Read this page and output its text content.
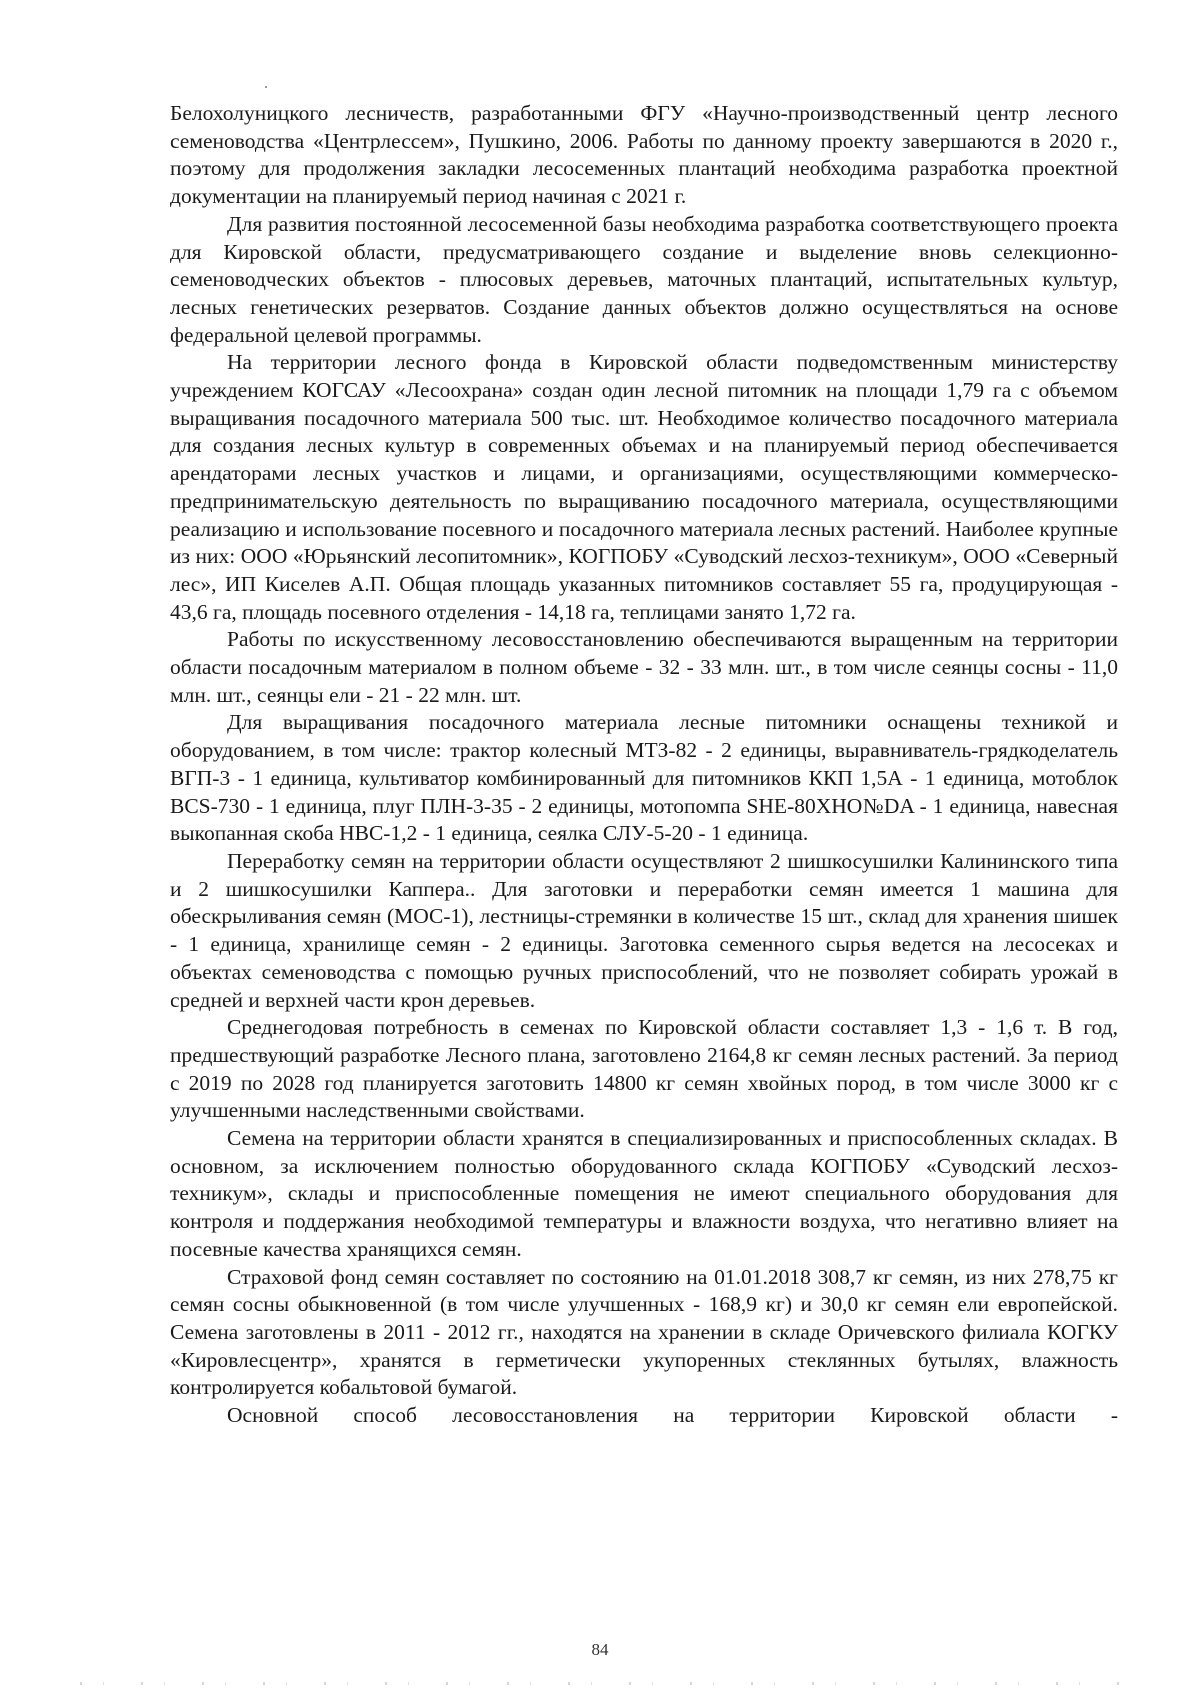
Белохолуницкого лесничеств, разработанными ФГУ «Научно-производственный центр лесного семеноводства «Центрлессем», Пушкино, 2006. Работы по данному проекту завершаются в 2020 г., поэтому для продолжения закладки лесосеменных плантаций необходима разработка проектной документации на планируемый период начиная с 2021 г.

Для развития постоянной лесосеменной базы необходима разработка соответствующего проекта для Кировской области, предусматривающего создание и выделение вновь селекционно-семеноводческих объектов - плюсовых деревьев, маточных плантаций, испытательных культур, лесных генетических резерватов. Создание данных объектов должно осуществляться на основе федеральной целевой программы.

На территории лесного фонда в Кировской области подведомственным министерству учреждением КОГСАУ «Лесоохрана» создан один лесной питомник на площади 1,79 га с объемом выращивания посадочного материала 500 тыс. шт. Необходимое количество посадочного материала для создания лесных культур в современных объемах и на планируемый период обеспечивается арендаторами лесных участков и лицами, и организациями, осуществляющими коммерческо-предпринимательскую деятельность по выращиванию посадочного материала, осуществляющими реализацию и использование посевного и посадочного материала лесных растений. Наиболее крупные из них: ООО «Юрьянский лесопитомник», КОГПОБУ «Суводский лесхоз-техникум», ООО «Северный лес», ИП Киселев А.П. Общая площадь указанных питомников составляет 55 га, продуцирующая - 43,6 га, площадь посевного отделения - 14,18 га, теплицами занято 1,72 га.

Работы по искусственному лесовосстановлению обеспечиваются выращенным на территории области посадочным материалом в полном объеме - 32 - 33 млн. шт., в том числе сеянцы сосны - 11,0 млн. шт., сеянцы ели - 21 - 22 млн. шт.

Для выращивания посадочного материала лесные питомники оснащены техникой и оборудованием, в том числе: трактор колесный МТЗ-82 - 2 единицы, выравниватель-грядкоделатель ВГП-3 - 1 единица, культиватор комбинированный для питомников ККП 1,5А - 1 единица, мотоблок BCS-730 - 1 единица, плуг ПЛН-3-35 - 2 единицы, мотопомпа SHE-80XHO№DA - 1 единица, навесная выкопанная скоба НВС-1,2 - 1 единица, сеялка СЛУ-5-20 - 1 единица.

Переработку семян на территории области осуществляют 2 шишкосушилки Калининского типа и 2 шишкосушилки Каппера.. Для заготовки и переработки семян имеется 1 машина для обескрыливания семян (МОС-1), лестницы-стремянки в количестве 15 шт., склад для хранения шишек - 1 единица, хранилище семян - 2 единицы. Заготовка семенного сырья ведется на лесосеках и объектах семеноводства с помощью ручных приспособлений, что не позволяет собирать урожай в средней и верхней части крон деревьев.

Среднегодовая потребность в семенах по Кировской области составляет 1,3 - 1,6 т. В год, предшествующий разработке Лесного плана, заготовлено 2164,8 кг семян лесных растений. За период с 2019 по 2028 год планируется заготовить 14800 кг семян хвойных пород, в том числе 3000 кг с улучшенными наследственными свойствами.

Семена на территории области хранятся в специализированных и приспособленных складах. В основном, за исключением полностью оборудованного склада КОГПОБУ «Суводский лесхоз-техникум», склады и приспособленные помещения не имеют специального оборудования для контроля и поддержания необходимой температуры и влажности воздуха, что негативно влияет на посевные качества хранящихся семян.

Страховой фонд семян составляет по состоянию на 01.01.2018 308,7 кг семян, из них 278,75 кг семян сосны обыкновенной (в том числе улучшенных - 168,9 кг) и 30,0 кг семян ели европейской. Семена заготовлены в 2011 - 2012 гг., находятся на хранении в складе Оричевского филиала КОГКУ «Кировлесцентр», хранятся в герметически укупоренных стеклянных бутылях, влажность контролируется кобальтовой бумагой.

Основной способ лесовосстановления на территории Кировской области -

84
